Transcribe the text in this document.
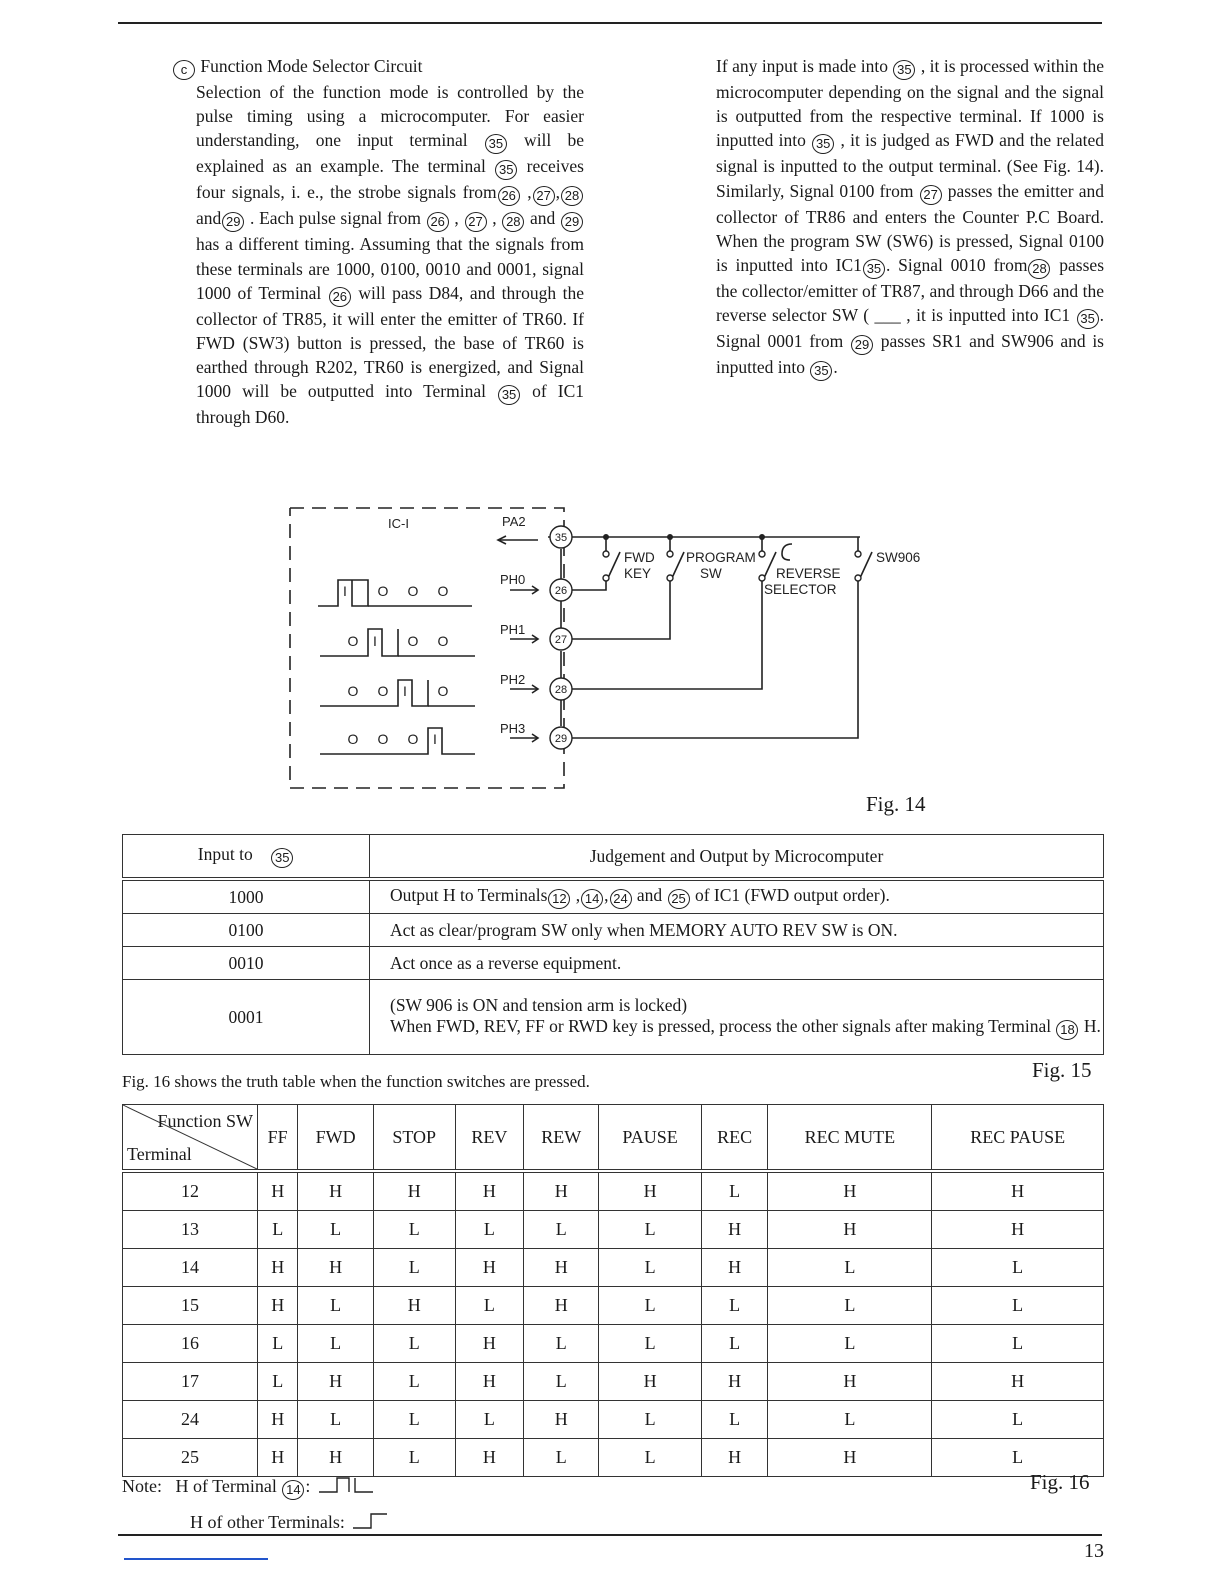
c Function Mode Selector Circuit

Selection of the function mode is controlled by the pulse timing using a microcomputer. For easier understanding, one input terminal 35 will be explained as an example. The terminal 35 receives four signals, i. e., the strobe signals from 26 , 27 , 28 and 29 . Each pulse signal from 26 , 27 , 28 and 29 has a different timing. Assuming that the signals from these terminals are 1000, 0100, 0010 and 0001, signal 1000 of Terminal 26 will pass D84, and through the collector of TR85, it will enter the emitter of TR60. If FWD (SW3) button is pressed, the base of TR60 is earthed through R202, TR60 is energized, and Signal 1000 will be outputted into Terminal 35 of IC1 through D60.

If any input is made into 35 , it is processed within the microcomputer depending on the signal and the signal is outputted from the respective terminal. If 1000 is inputted into 35 , it is judged as FWD and the related signal is inputted to the output terminal. (See Fig. 14). Similarly, Signal 0100 from 27 passes the emitter and collector of TR86 and enters the Counter P.C Board. When the program SW (SW6) is pressed, Signal 0100 is inputted into IC1 35 . Signal 0010 from 28 passes the collector/emitter of TR87, and through D66 and the reverse selector SW ( ___ , it is inputted into IC1 35 . Signal 0001 from 29 passes SR1 and SW906 and is inputted into 35 .

IC-I	PA2
PH0
PH1
PH2
PH3
35
26
27
28
29
I O O O
O I O O
O O I O
O O O I
FWD
KEY
PROGRAM
SW	REVERSE
SELECTOR
SW906
Fig. 14
Input to 35	Judgement and Output by Microcomputer
1000	Output H to Terminals 12 , 14 , 24 and 25 of IC1 (FWD output order).
0100	Act as clear/program SW only when MEMORY AUTO REV SW is ON.
0010	Act once as a reverse equipment.
0001	(SW 906 is ON and tension arm is locked)
When FWD, REV, FF or RWD key is pressed, process the other signals after making Terminal 18 H.
Fig. 15
Fig. 16 shows the truth table when the function switches are pressed.
Function SW
Terminal	FF	FWD	STOP	REV	REW	PAUSE	REC	REC MUTE	REC PAUSE
12	H	H	H	H	H	H	L	H	H
13	L	L	L	L	L	L	H	H	H
14	H	H	L	H	H	L	H	L	L
15	H	L	H	L	H	L	L	L	L
16	L	L	L	H	L	L	L	L	L
17	L	H	L	H	L	H	H	H	H
24	H	L	L	L	H	L	L	L	L
25	H	H	L	H	L	L	H	H	L
Note: H of Terminal 14 :
H of other Terminals:
Fig. 16
13
